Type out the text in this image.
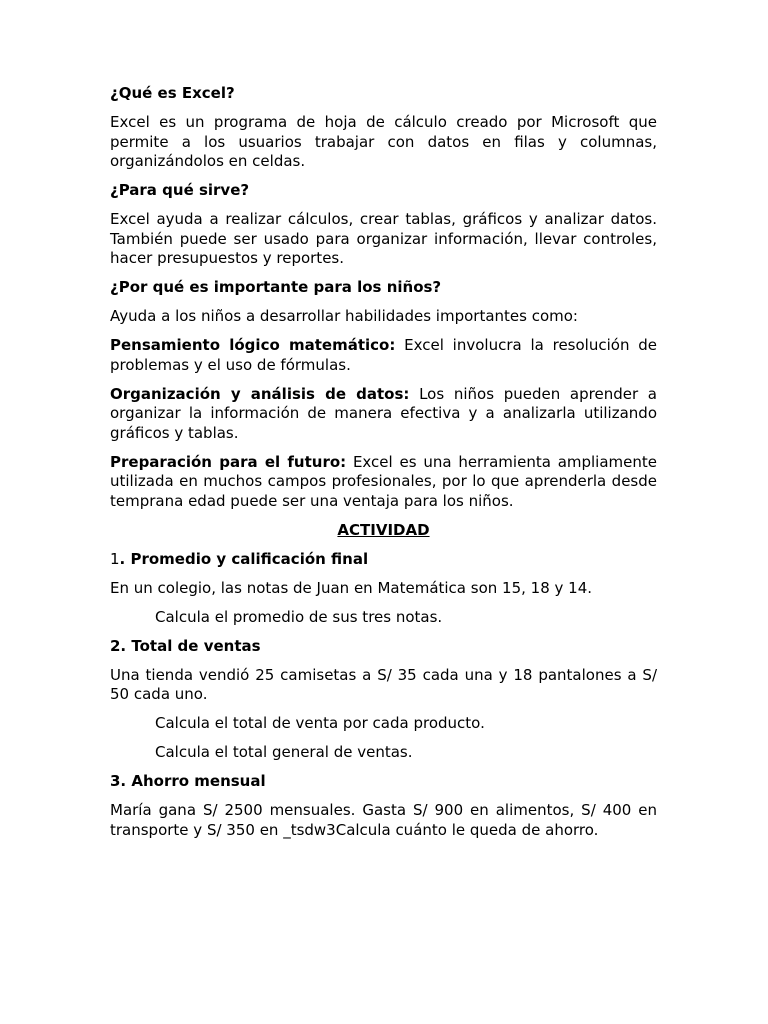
¿Qué es Excel?
Excel es un programa de hoja de cálculo creado por Microsoft que permite a los usuarios trabajar con datos en filas y columnas, organizándolos en celdas.
¿Para qué sirve?
Excel ayuda a realizar cálculos, crear tablas, gráficos y analizar datos. También puede ser usado para organizar información, llevar controles, hacer presupuestos y reportes.
¿Por qué es importante para los niños?
Ayuda a los niños a desarrollar habilidades importantes como:
Pensamiento lógico matemático: Excel involucra la resolución de problemas y el uso de fórmulas.
Organización y análisis de datos: Los niños pueden aprender a organizar la información de manera efectiva y a analizarla utilizando gráficos y tablas.
Preparación para el futuro: Excel es una herramienta ampliamente utilizada en muchos campos profesionales, por lo que aprenderla desde temprana edad puede ser una ventaja para los niños.
ACTIVIDAD
1. Promedio y calificación final
En un colegio, las notas de Juan en Matemática son 15, 18 y 14.
Calcula el promedio de sus tres notas.
2. Total de ventas
Una tienda vendió 25 camisetas a S/ 35 cada una y 18 pantalones a S/ 50 cada uno.
Calcula el total de venta por cada producto.
Calcula el total general de ventas.
3. Ahorro mensual
María gana S/ 2500 mensuales. Gasta S/ 900 en alimentos, S/ 400 en transporte y S/ 350 en _tsdw3Calcula cuánto le queda de ahorro.
